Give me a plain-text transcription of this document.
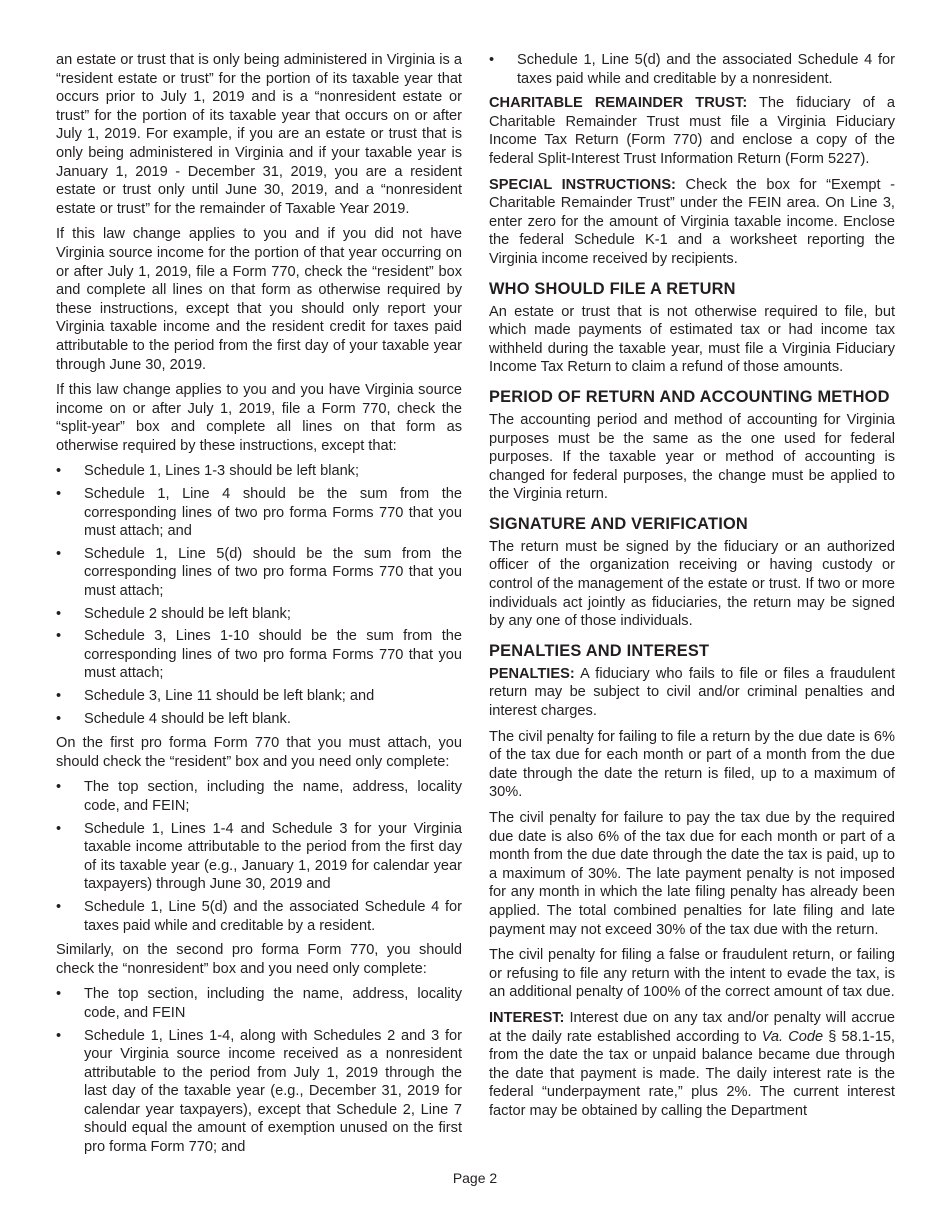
an estate or trust that is only being administered in Virginia is a “resident estate or trust” for the portion of its taxable year that occurs prior to July 1, 2019 and is a “nonresident estate or trust” for the portion of its taxable year that occurs on or after July 1, 2019. For example, if you are an estate or trust that is only being administered in Virginia and if your taxable year is January 1, 2019 - December 31, 2019, you are a resident estate or trust only until June 30, 2019, and a “nonresident estate or trust” for the remainder of Taxable Year 2019.

If this law change applies to you and if you did not have Virginia source income for the portion of that year occurring on or after July 1, 2019, file a Form 770, check the “resident” box and complete all lines on that form as otherwise required by these instructions, except that you should only report your Virginia taxable income and the resident credit for taxes paid attributable to the period from the first day of your taxable year through June 30, 2019.

If this law change applies to you and you have Virginia source income on or after July 1, 2019, file a Form 770, check the “split-year” box and complete all lines on that form as otherwise required by these instructions, except that:

• Schedule 1, Lines 1-3 should be left blank;
• Schedule 1, Line 4 should be the sum from the corresponding lines of two pro forma Forms 770 that you must attach; and
• Schedule 1, Line 5(d) should be the sum from the corresponding lines of two pro forma Forms 770 that you must attach;
• Schedule 2 should be left blank;
• Schedule 3, Lines 1-10 should be the sum from the corresponding lines of two pro forma Forms 770 that you must attach;
• Schedule 3, Line 11 should be left blank; and
• Schedule 4 should be left blank.

On the first pro forma Form 770 that you must attach, you should check the “resident” box and you need only complete:

• The top section, including the name, address, locality code, and FEIN;
• Schedule 1, Lines 1-4 and Schedule 3 for your Virginia taxable income attributable to the period from the first day of its taxable year (e.g., January 1, 2019 for calendar year taxpayers) through June 30, 2019 and
• Schedule 1, Line 5(d) and the associated Schedule 4 for taxes paid while and creditable by a resident.

Similarly, on the second pro forma Form 770, you should check the “nonresident” box and you need only complete:

• The top section, including the name, address, locality code, and FEIN
• Schedule 1, Lines 1-4, along with Schedules 2 and 3 for your Virginia source income received as a nonresident attributable to the period from July 1, 2019 through the last day of the taxable year (e.g., December 31, 2019 for calendar year taxpayers), except that Schedule 2, Line 7 should equal the amount of exemption unused on the first pro forma Form 770; and
• Schedule 1, Line 5(d) and the associated Schedule 4 for taxes paid while and creditable by a nonresident.

CHARITABLE REMAINDER TRUST: The fiduciary of a Charitable Remainder Trust must file a Virginia Fiduciary Income Tax Return (Form 770) and enclose a copy of the federal Split-Interest Trust Information Return (Form 5227).

SPECIAL INSTRUCTIONS: Check the box for “Exempt - Charitable Remainder Trust” under the FEIN area. On Line 3, enter zero for the amount of Virginia taxable income. Enclose the federal Schedule K-1 and a worksheet reporting the Virginia income received by recipients.

WHO SHOULD FILE A RETURN

An estate or trust that is not otherwise required to file, but which made payments of estimated tax or had income tax withheld during the taxable year, must file a Virginia Fiduciary Income Tax Return to claim a refund of those amounts.

PERIOD OF RETURN AND ACCOUNTING METHOD

The accounting period and method of accounting for Virginia purposes must be the same as the one used for federal purposes. If the taxable year or method of accounting is changed for federal purposes, the change must be applied to the Virginia return.

SIGNATURE AND VERIFICATION

The return must be signed by the fiduciary or an authorized officer of the organization receiving or having custody or control of the management of the estate or trust. If two or more individuals act jointly as fiduciaries, the return may be signed by any one of those individuals.

PENALTIES AND INTEREST

PENALTIES: A fiduciary who fails to file or files a fraudulent return may be subject to civil and/or criminal penalties and interest charges.

The civil penalty for failing to file a return by the due date is 6% of the tax due for each month or part of a month from the due date through the date the return is filed, up to a maximum of 30%.

The civil penalty for failure to pay the tax due by the required due date is also 6% of the tax due for each month or part of a month from the due date through the date the tax is paid, up to a maximum of 30%. The late payment penalty is not imposed for any month in which the late filing penalty has already been applied. The total combined penalties for late filing and late payment may not exceed 30% of the tax due with the return.

The civil penalty for filing a false or fraudulent return, or failing or refusing to file any return with the intent to evade the tax, is an additional penalty of 100% of the correct amount of tax due.

INTEREST: Interest due on any tax and/or penalty will accrue at the daily rate established according to Va. Code § 58.1-15, from the date the tax or unpaid balance became due through the date that payment is made. The daily interest rate is the federal “underpayment rate,” plus 2%. The current interest factor may be obtained by calling the Department

Page 2
